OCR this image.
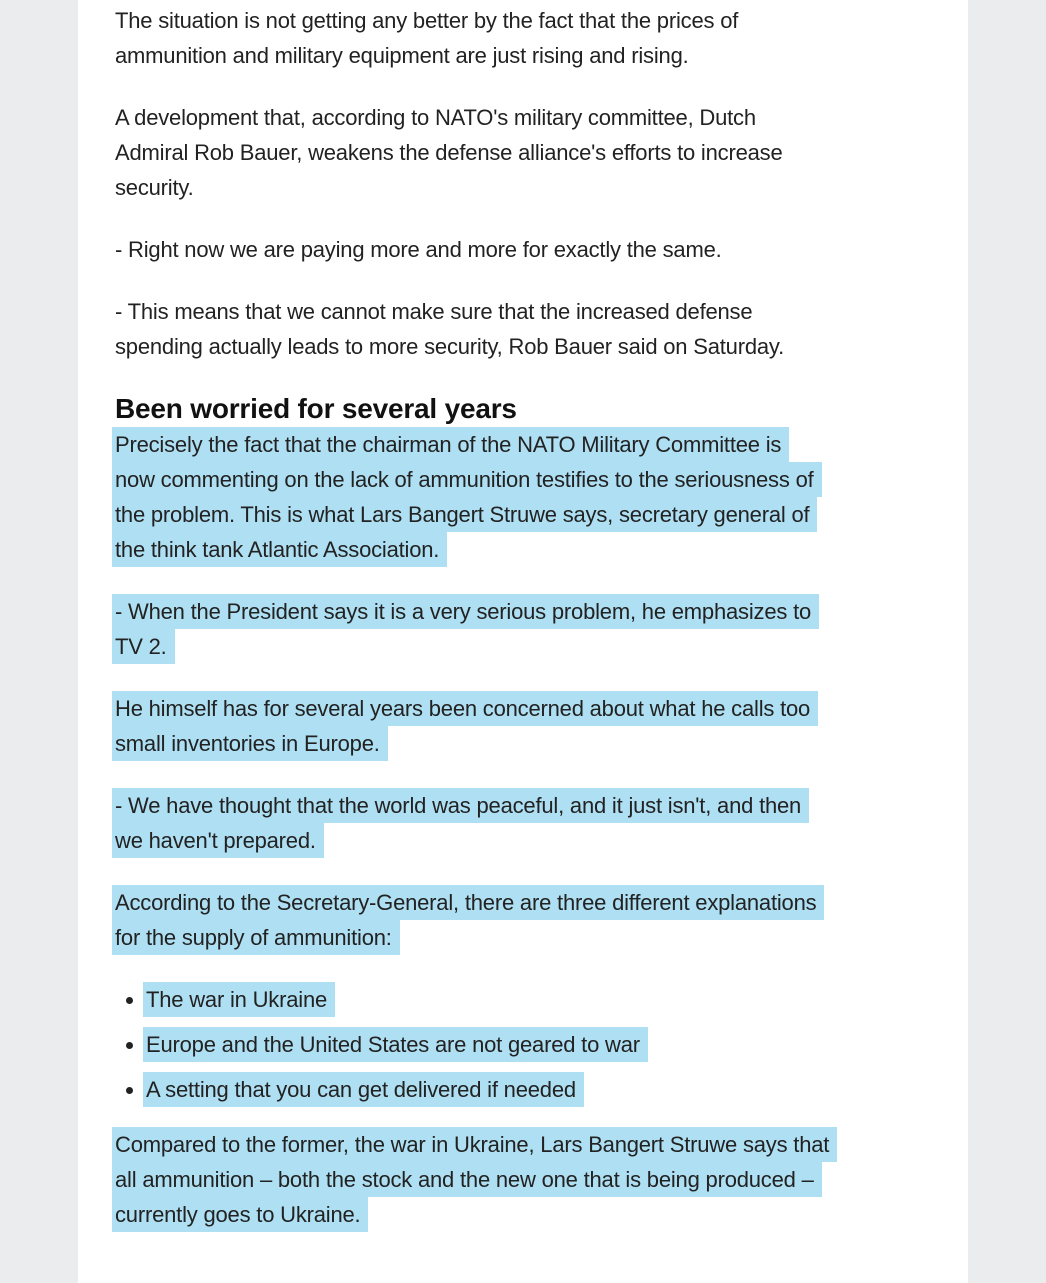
The situation is not getting any better by the fact that the prices of
ammunition and military equipment are just rising and rising.

A development that, according to NATO's military committee, Dutch
Admiral Rob Bauer, weakens the defense alliance's efforts to increase
security.

- Right now we are paying more and more for exactly the same.

- This means that we cannot make sure that the increased defense
spending actually leads to more security, Rob Bauer said on Saturday.

Been worried for several years

Precisely the fact that the chairman of the NATO Military Committee is
now commenting on the lack of ammunition testifies to the seriousness of
the problem. This is what Lars Bangert Struwe says, secretary general of
the think tank Atlantic Association.

- When the President says it is a very serious problem, he emphasizes to
TV 2.

He himself has for several years been concerned about what he calls too
small inventories in Europe.

- We have thought that the world was peaceful, and it just isn't, and then
we haven't prepared.

According to the Secretary-General, there are three different explanations
for the supply of ammunition:

• The war in Ukraine
• Europe and the United States are not geared to war
• A setting that you can get delivered if needed

Compared to the former, the war in Ukraine, Lars Bangert Struwe says that
all ammunition – both the stock and the new one that is being produced –
currently goes to Ukraine.
